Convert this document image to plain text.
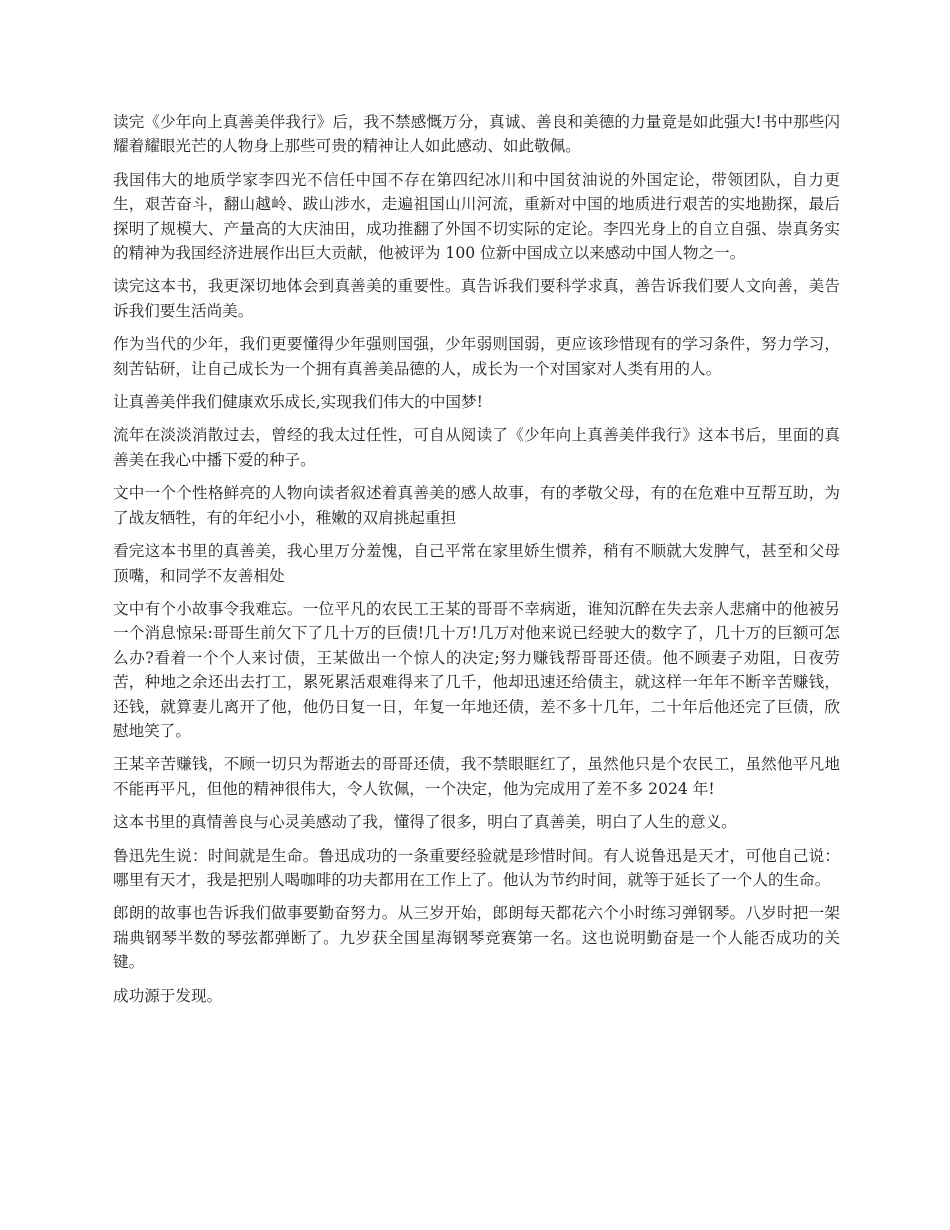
读完《少年向上真善美伴我行》后，我不禁感慨万分，真诚、善良和美德的力量竟是如此强大!书中那些闪耀着耀眼光芒的人物身上那些可贵的精神让人如此感动、如此敬佩。

我国伟大的地质学家李四光不信任中国不存在第四纪冰川和中国贫油说的外国定论，带领团队，自力更生，艰苦奋斗，翻山越岭、跋山涉水，走遍祖国山川河流，重新对中国的地质进行艰苦的实地勘探，最后探明了规模大、产量高的大庆油田，成功推翻了外国不切实际的定论。李四光身上的自立自强、崇真务实的精神为我国经济进展作出巨大贡献，他被评为 100 位新中国成立以来感动中国人物之一。

读完这本书，我更深切地体会到真善美的重要性。真告诉我们要科学求真，善告诉我们要人文向善，美告诉我们要生活尚美。

作为当代的少年，我们更要懂得少年强则国强，少年弱则国弱，更应该珍惜现有的学习条件，努力学习，刻苦钻研，让自己成长为一个拥有真善美品德的人，成长为一个对国家对人类有用的人。

让真善美伴我们健康欢乐成长,实现我们伟大的中国梦!

流年在淡淡消散过去，曾经的我太过任性，可自从阅读了《少年向上真善美伴我行》这本书后，里面的真善美在我心中播下爱的种子。

文中一个个性格鲜亮的人物向读者叙述着真善美的感人故事，有的孝敬父母，有的在危难中互帮互助，为了战友牺牲，有的年纪小小，稚嫩的双肩挑起重担

看完这本书里的真善美，我心里万分羞愧，自己平常在家里娇生惯养，稍有不顺就大发脾气，甚至和父母顶嘴，和同学不友善相处

文中有个小故事令我难忘。一位平凡的农民工王某的哥哥不幸病逝，谁知沉醉在失去亲人悲痛中的他被另一个消息惊呆:哥哥生前欠下了几十万的巨债!几十万!几万对他来说已经驶大的数字了，几十万的巨额可怎么办?看着一个个人来讨债，王某做出一个惊人的决定;努力赚钱帮哥哥还债。他不顾妻子劝阻，日夜劳苦，种地之余还出去打工，累死累活艰难得来了几千，他却迅速还给债主，就这样一年年不断辛苦赚钱，还钱，就算妻儿离开了他，他仍日复一日，年复一年地还债，差不多十几年，二十年后他还完了巨债，欣慰地笑了。

王某辛苦赚钱，不顾一切只为帮逝去的哥哥还债，我不禁眼眶红了，虽然他只是个农民工，虽然他平凡地不能再平凡，但他的精神很伟大，令人钦佩，一个决定，他为完成用了差不多 2024 年!

这本书里的真情善良与心灵美感动了我，懂得了很多，明白了真善美，明白了人生的意义。

鲁迅先生说：时间就是生命。鲁迅成功的一条重要经验就是珍惜时间。有人说鲁迅是天才，可他自己说：哪里有天才，我是把别人喝咖啡的功夫都用在工作上了。他认为节约时间，就等于延长了一个人的生命。

郎朗的故事也告诉我们做事要勤奋努力。从三岁开始，郎朗每天都花六个小时练习弹钢琴。八岁时把一架瑞典钢琴半数的琴弦都弹断了。九岁获全国星海钢琴竞赛第一名。这也说明勤奋是一个人能否成功的关键。

成功源于发现。
